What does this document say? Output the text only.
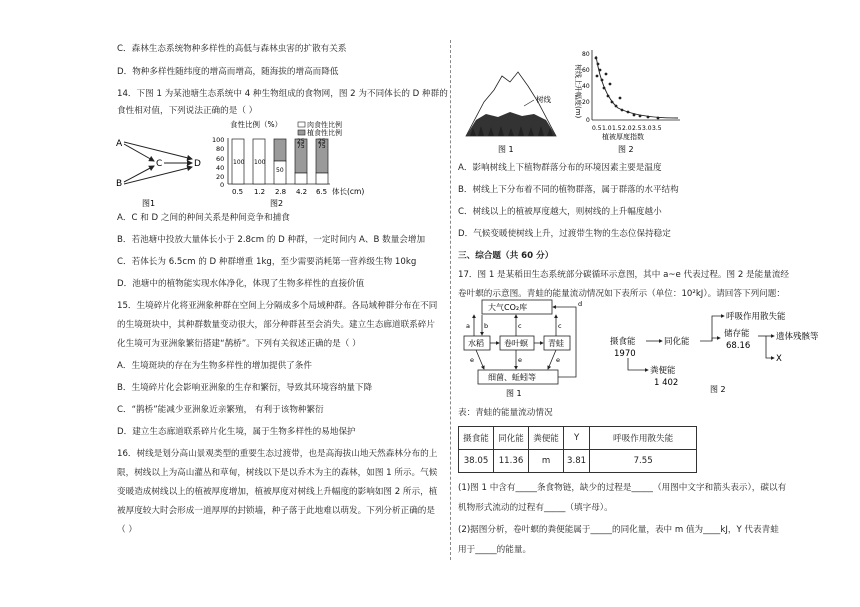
C．森林生态系统物种多样性的高低与森林虫害的扩散有关系
D．物种多样性随纬度的增高而增高，随海拔的增高而降低
14．下图 1 为某池塘生态系统中 4 种生物组成的食物网，图 2 为不同体长的 D 种群的
食性相对值，下列说法正确的是（ ）
A
B
C	D
图1
食性比例（%）	肉食性比例
植食性比例
100
80
60
40
20
0
100 100
50
75
25
75
25
0.5 1.2 2.8 4.2 6.5 体长(cm)
图2
A．C 和 D 之间的种间关系是种间竞争和捕食
B．若池塘中投放大量体长小于 2.8cm 的 D 种群，一定时间内 A、B 数量会增加
C．若体长为 6.5cm 的 D 种群增重 1kg，至少需要消耗第一营养级生物 10kg
D．池塘中的植物能实现水体净化，体现了生物多样性的直接价值
15．生境碎片化将亚洲象种群在空间上分隔成多个局域种群。各局域种群分布在不同
的生境斑块中，其种群数量变动很大，部分种群甚至会消失。建立生态廊道联系碎片
化生境可为亚洲象繁衍搭建“鹊桥”。下列有关叙述正确的是（ ）
A．生境斑块的存在为生物多样性的增加提供了条件
B．生境碎片化会影响亚洲象的生存和繁衍，导致其环境容纳量下降
C．“鹊桥”能减少亚洲象近亲繁殖， 有利于该物种繁衍
D．建立生态廊道联系碎片化生境，属于生物多样性的易地保护
16．树线是划分高山景观类型的重要生态过渡带，也是高海拔山地天然森林分布的上
限，树线以上为高山灌丛和草甸，树线以下是以乔木为主的森林，如图 1 所示。气候
变暖造成树线以上的植被厚度增加，植被厚度对树线上升幅度的影响如图 2 所示，植
被厚度较大时会形成一道厚厚的封锁墙，种子落于此地难以萌发。下列分析正确的是
（ ）
树线
图 1
树线上升幅度(m)
80
60
40
20
0
0.5 1.0 1.5 2.0 2.5 3.0 3.5
植被厚度指数
图 2
A．影响树线上下植物群落分布的环境因素主要是温度
B．树线上下分布着不同的植物群落，属于群落的水平结构
C．树线以上的植被厚度越大，则树线的上升幅度越小
D．气候变暖使树线上升，过渡带生物的生态位保持稳定
三、综合题（共 60 分）
17．图 1 是某稻田生态系统部分碳循环示意图，其中 a~e 代表过程。图 2 是能量流经
卷叶螟的示意图。青蛙的能量流动情况如下表所示（单位：10²kJ）。请回答下列问题：
大气CO₂库
水稻	卷叶螟	青蛙
细菌、蚯蚓等
a b	c	c
d
e	e	e
图 1
摄食能
1970
同化能
呼吸作用散失能
储存能
68.16
遗体残骸等
X
粪便能
1 402
图 2
表：青蛙的能量流动情况
摄食能	同化能	粪便能	Y	呼吸作用散失能
38.05	11.36	m	3.81	7.55
(1)图 1 中含有_____条食物链，缺少的过程是_____（用图中文字和箭头表示），碳以有
机物形式流动的过程有_____（填字母）。
(2)据图分析，卷叶螟的粪便能属于_____的同化量，表中 m 值为____kJ，Y 代表青蛙
用于_____的能量。
